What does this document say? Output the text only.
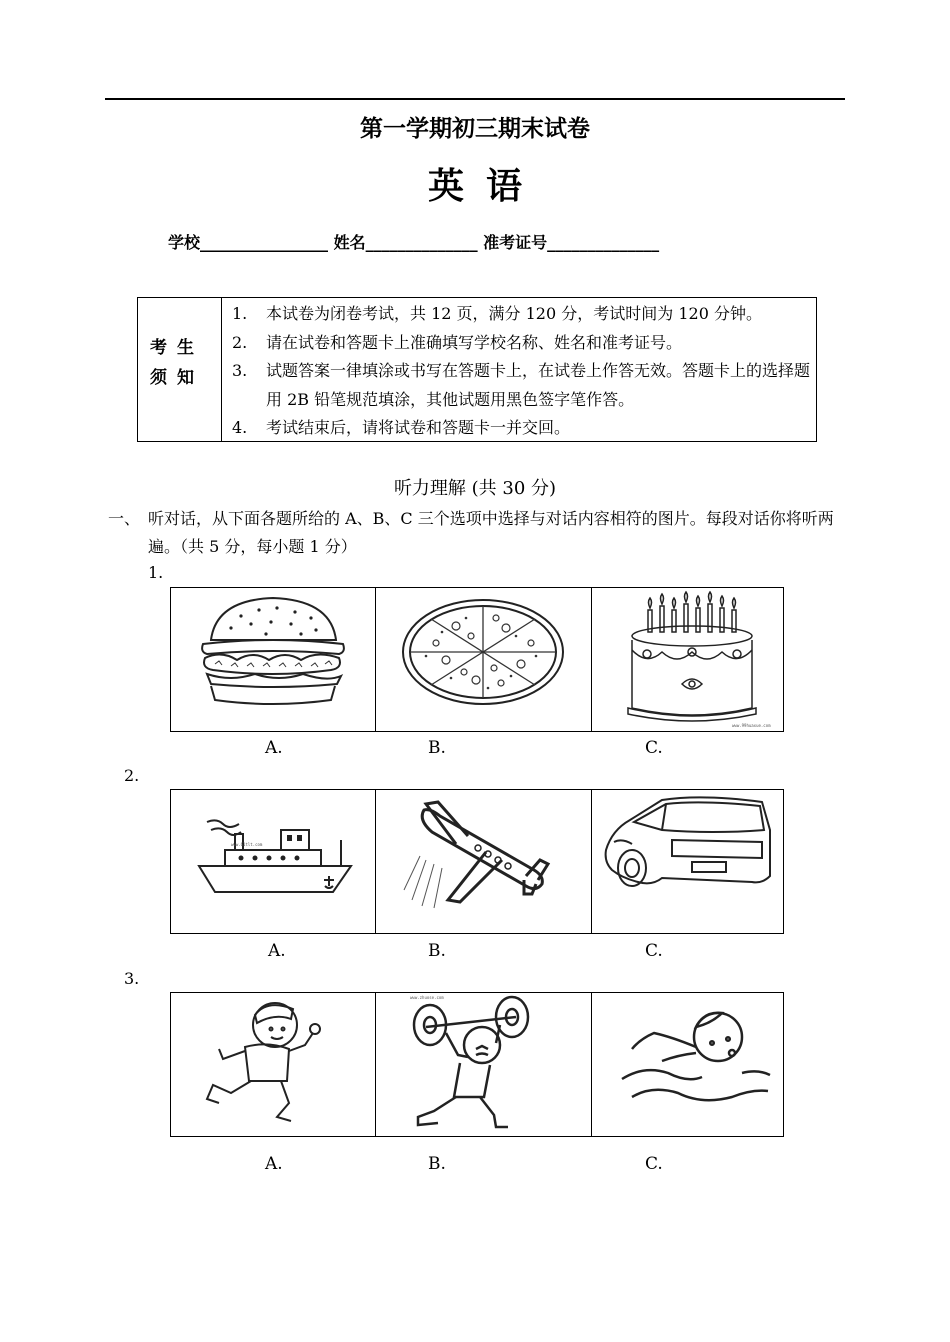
第一学期初三期末试卷
英语
学校________________ 姓名______________ 准考证号______________
考生
须知
1. 本试卷为闭卷考试，共 12 页，满分 120 分，考试时间为 120 分钟。
2. 请在试卷和答题卡上准确填写学校名称、姓名和准考证号。
3. 试题答案一律填涂或书写在答题卡上，在试卷上作答无效。答题卡上的选择题用 2B 铅笔规范填涂，其他试题用黑色签字笔作答。
4. 考试结束后，请将试卷和答题卡一并交回。
听力理解 (共 30 分)
一、 听对话，从下面各题所给的 A、B、C 三个选项中选择与对话内容相符的图片。每段对话你将听两遍。（共 5 分，每小题 1 分）
1.
www.99huaxue.com
A.	B.	C.
2.
www.61tlt.com
A.	B.	C.
3.
www.zhuose.com
A.	B.	C.
